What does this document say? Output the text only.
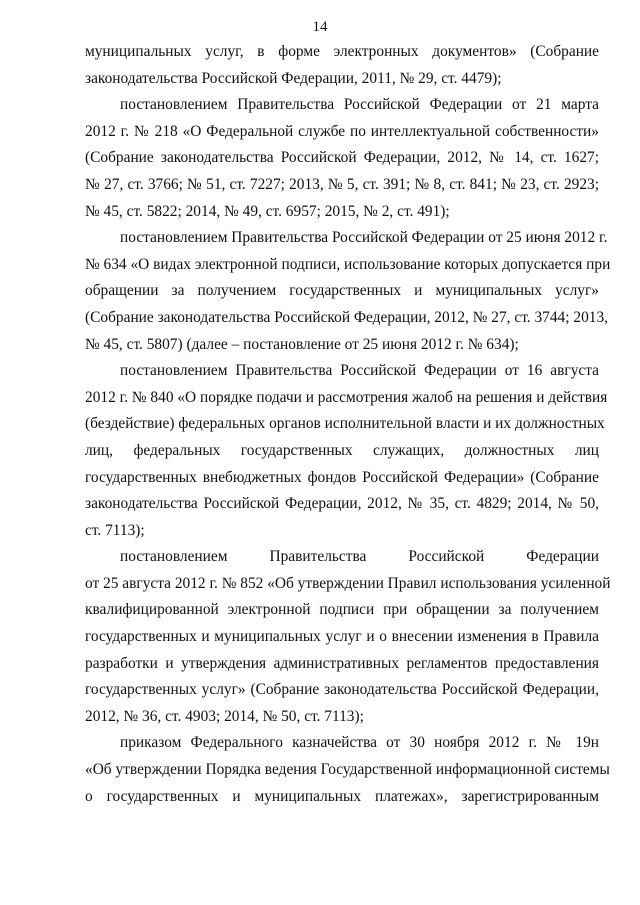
14
муниципальных услуг, в форме электронных документов» (Собрание
законодательства Российской Федерации, 2011, № 29, ст. 4479);
постановлением Правительства Российской Федерации от 21 марта
2012 г. № 218 «О Федеральной службе по интеллектуальной собственности»
(Собрание законодательства Российской Федерации, 2012, № 14, ст. 1627;
№ 27, ст. 3766; № 51, ст. 7227; 2013, № 5, ст. 391; № 8, ст. 841; № 23, ст. 2923;
№ 45, ст. 5822; 2014, № 49, ст. 6957; 2015, № 2, ст. 491);
постановлением Правительства Российской Федерации от 25 июня 2012 г.
№ 634 «О видах электронной подписи, использование которых допускается при
обращении за получением государственных и муниципальных услуг»
(Собрание законодательства Российской Федерации, 2012, № 27, ст. 3744; 2013,
№ 45, ст. 5807) (далее – постановление от 25 июня 2012 г. № 634);
постановлением Правительства Российской Федерации от 16 августа
2012 г. № 840 «О порядке подачи и рассмотрения жалоб на решения и действия
(бездействие) федеральных органов исполнительной власти и их должностных
лиц, федеральных государственных служащих, должностных лиц
государственных внебюджетных фондов Российской Федерации» (Собрание
законодательства Российской Федерации, 2012, № 35, ст. 4829; 2014, № 50,
ст. 7113);
постановлением Правительства Российской Федерации
от 25 августа 2012 г. № 852 «Об утверждении Правил использования усиленной
квалифицированной электронной подписи при обращении за получением
государственных и муниципальных услуг и о внесении изменения в Правила
разработки и утверждения административных регламентов предоставления
государственных услуг» (Собрание законодательства Российской Федерации,
2012, № 36, ст. 4903; 2014, № 50, ст. 7113);
приказом Федерального казначейства от 30 ноября 2012 г. № 19н
«Об утверждении Порядка ведения Государственной информационной системы
о государственных и муниципальных платежах», зарегистрированным
